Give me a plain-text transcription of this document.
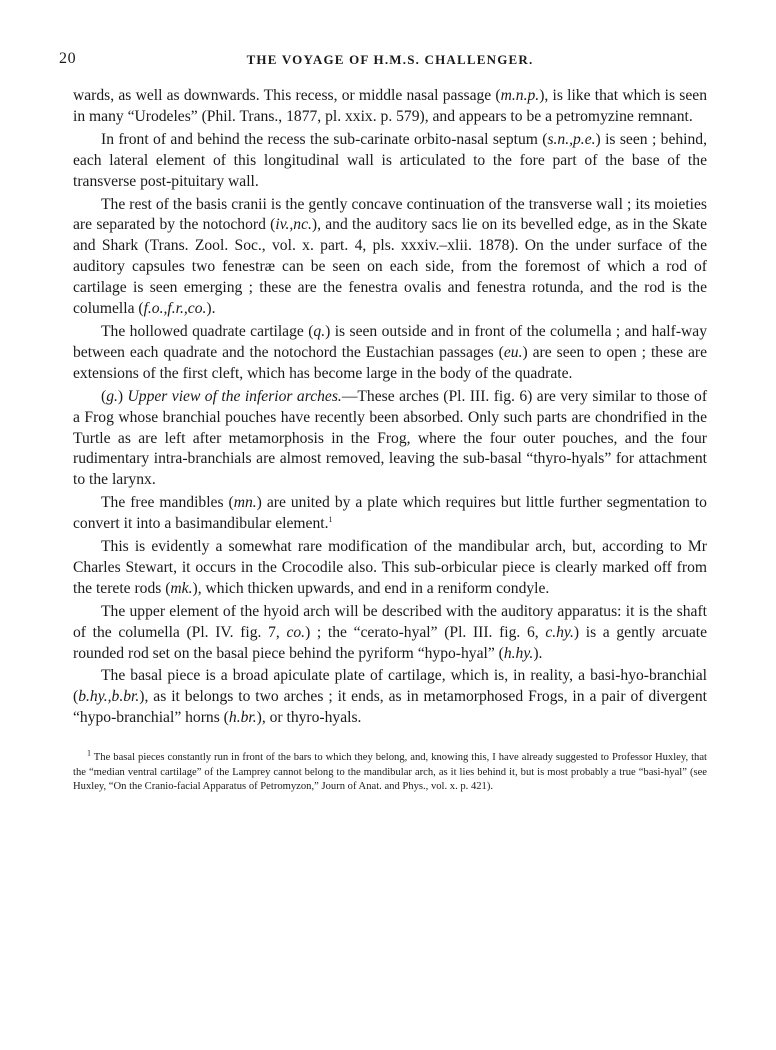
20	THE VOYAGE OF H.M.S. CHALLENGER.

wards, as well as downwards. This recess, or middle nasal passage (m.n.p.), is like that which is seen in many “Urodeles” (Phil. Trans., 1877, pl. xxix. p. 579), and appears to be a petromyzine remnant.

In front of and behind the recess the sub-carinate orbito-nasal septum (s.n.,p.e.) is seen ; behind, each lateral element of this longitudinal wall is articulated to the fore part of the base of the transverse post-pituitary wall.

The rest of the basis cranii is the gently concave continuation of the transverse wall ; its moieties are separated by the notochord (iv.,nc.), and the auditory sacs lie on its bevelled edge, as in the Skate and Shark (Trans. Zool. Soc., vol. x. part. 4, pls. xxxiv.–xlii. 1878). On the under surface of the auditory capsules two fenestræ can be seen on each side, from the foremost of which a rod of cartilage is seen emerging ; these are the fenestra ovalis and fenestra rotunda, and the rod is the columella (f.o.,f.r.,co.).

The hollowed quadrate cartilage (q.) is seen outside and in front of the columella ; and half-way between each quadrate and the notochord the Eustachian passages (eu.) are seen to open ; these are extensions of the first cleft, which has become large in the body of the quadrate.

(g.) Upper view of the inferior arches.—These arches (Pl. III. fig. 6) are very similar to those of a Frog whose branchial pouches have recently been absorbed. Only such parts are chondrified in the Turtle as are left after metamorphosis in the Frog, where the four outer pouches, and the four rudimentary intra-branchials are almost removed, leaving the sub-basal “thyro-hyals” for attachment to the larynx.

The free mandibles (mn.) are united by a plate which requires but little further segmentation to convert it into a basimandibular element.$^1$

This is evidently a somewhat rare modification of the mandibular arch, but, according to Mr Charles Stewart, it occurs in the Crocodile also. This sub-orbicular piece is clearly marked off from the terete rods (mk.), which thicken upwards, and end in a reniform condyle.

The upper element of the hyoid arch will be described with the auditory apparatus: it is the shaft of the columella (Pl. IV. fig. 7, co.) ; the “cerato-hyal” (Pl. III. fig. 6, c.hy.) is a gently arcuate rounded rod set on the basal piece behind the pyriform “hypo-hyal” (h.hy.).

The basal piece is a broad apiculate plate of cartilage, which is, in reality, a basi-hyo-branchial (b.hy.,b.br.), as it belongs to two arches ; it ends, as in metamorphosed Frogs, in a pair of divergent “hypo-branchial” horns (h.br.), or thyro-hyals.

$^1$ The basal pieces constantly run in front of the bars to which they belong, and, knowing this, I have already suggested to Professor Huxley, that the “median ventral cartilage” of the Lamprey cannot belong to the mandibular arch, as it lies behind it, but is most probably a true “basi-hyal” (see Huxley, “On the Cranio-facial Apparatus of Petromyzon,” Journ of Anat. and Phys., vol. x. p. 421).
